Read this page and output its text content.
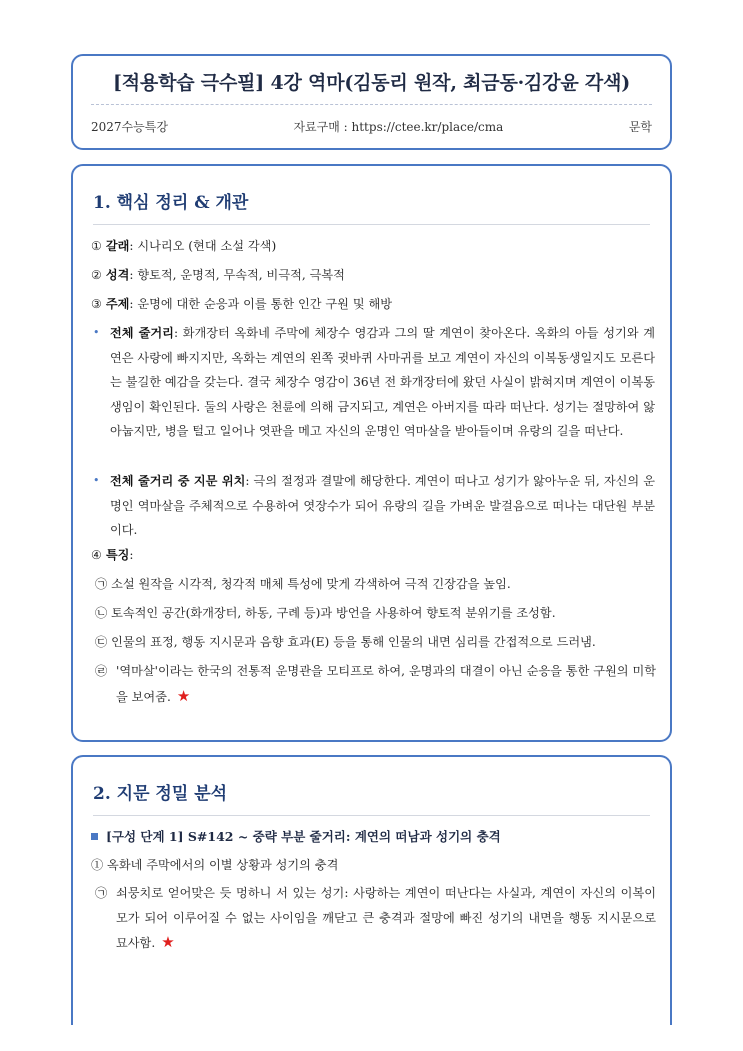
[적용학습 극수필] 4강 역마(김동리 원작, 최금동·김강윤 각색)
2027수능특강	자료구매 : https://ctee.kr/place/cma	문학
1. 핵심 정리 & 개관
① 갈래: 시나리오 (현대 소설 각색)
② 성격: 향토적, 운명적, 무속적, 비극적, 극복적
③ 주제: 운명에 대한 순응과 이를 통한 인간 구원 및 해방
• 전체 줄거리: 화개장터 옥화네 주막에 체장수 영감과 그의 딸 계연이 찾아온다. 옥화의 아들 성기와 계연은 사랑에 빠지지만, 옥화는 계연의 왼쪽 귓바퀴 사마귀를 보고 계연이 자신의 이복동생일지도 모른다는 불길한 예감을 갖는다. 결국 체장수 영감이 36년 전 화개장터에 왔던 사실이 밝혀지며 계연이 이복동생임이 확인된다. 둘의 사랑은 천륜에 의해 금지되고, 계연은 아버지를 따라 떠난다. 성기는 절망하여 앓아눕지만, 병을 털고 일어나 엿판을 메고 자신의 운명인 역마살을 받아들이며 유랑의 길을 떠난다.
• 전체 줄거리 중 지문 위치: 극의 절정과 결말에 해당한다. 계연이 떠나고 성기가 앓아누운 뒤, 자신의 운명인 역마살을 주체적으로 수용하여 엿장수가 되어 유랑의 길을 가벼운 발걸음으로 떠나는 대단원 부분이다.
④ 특징:
㉠ 소설 원작을 시각적, 청각적 매체 특성에 맞게 각색하여 극적 긴장감을 높임.
㉡ 토속적인 공간(화개장터, 하동, 구례 등)과 방언을 사용하여 향토적 분위기를 조성함.
㉢ 인물의 표정, 행동 지시문과 음향 효과(E) 등을 통해 인물의 내면 심리를 간접적으로 드러냄.
㉣ '역마살'이라는 한국의 전통적 운명관을 모티프로 하여, 운명과의 대결이 아닌 순응을 통한 구원의 미학을 보여줌. ★
2. 지문 정밀 분석
[구성 단계 1] S#142 ~ 중략 부분 줄거리: 계연의 떠남과 성기의 충격
① 옥화네 주막에서의 이별 상황과 성기의 충격
㉠ 쇠뭉치로 얻어맞은 듯 멍하니 서 있는 성기: 사랑하는 계연이 떠난다는 사실과, 계연이 자신의 이복이모가 되어 이루어질 수 없는 사이임을 깨닫고 큰 충격과 절망에 빠진 성기의 내면을 행동 지시문으로 묘사함. ★
